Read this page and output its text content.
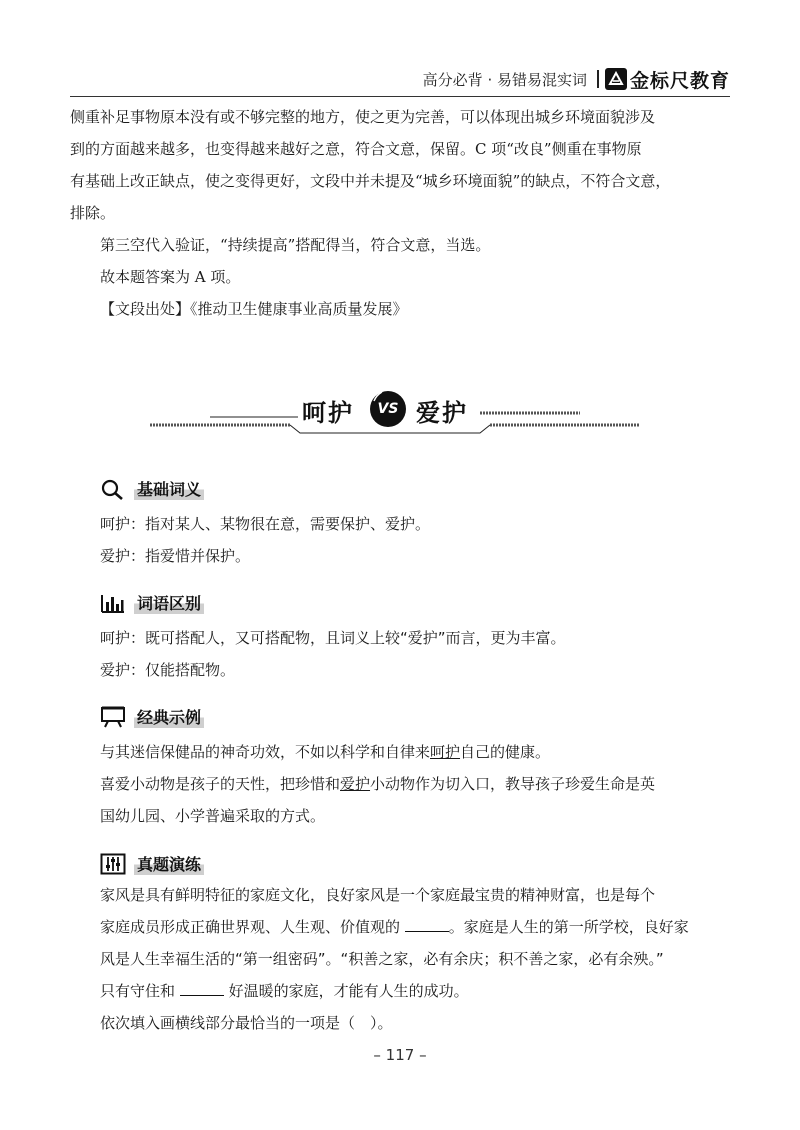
高分必背 · 易错易混实词 金标尺教育

侧重补足事物原本没有或不够完整的地方，使之更为完善，可以体现出城乡环境面貌涉及

到的方面越来越多，也变得越来越好之意，符合文意，保留。C 项“改良”侧重在事物原

有基础上改正缺点，使之变得更好，文段中并未提及“城乡环境面貌”的缺点，不符合文意，

排除。

第三空代入验证，“持续提高”搭配得当，符合文意，当选。

故本题答案为 A 项。

【文段出处】《推动卫生健康事业高质量发展》

呵护	VS 爱护
基础词义

呵护：指对某人、某物很在意，需要保护、爱护。

爱护：指爱惜并保护。

词语区别

呵护：既可搭配人，又可搭配物，且词义上较“爱护”而言，更为丰富。

爱护：仅能搭配物。

经典示例

与其迷信保健品的神奇功效，不如以科学和自律来呵护自己的健康。

喜爱小动物是孩子的天性，把珍惜和爱护小动物作为切入口，教导孩子珍爱生命是英

国幼儿园、小学普遍采取的方式。

真题演练

家风是具有鲜明特征的家庭文化，良好家风是一个家庭最宝贵的精神财富，也是每个

家庭成员形成正确世界观、人生观、价值观的	。家庭是人生的第一所学校，良好家

风是人生幸福生活的“第一组密码”。“积善之家，必有余庆；积不善之家，必有余殃。”

只有守住和	好温暖的家庭，才能有人生的成功。

依次填入画横线部分最恰当的一项是（　）。

– 117 –
